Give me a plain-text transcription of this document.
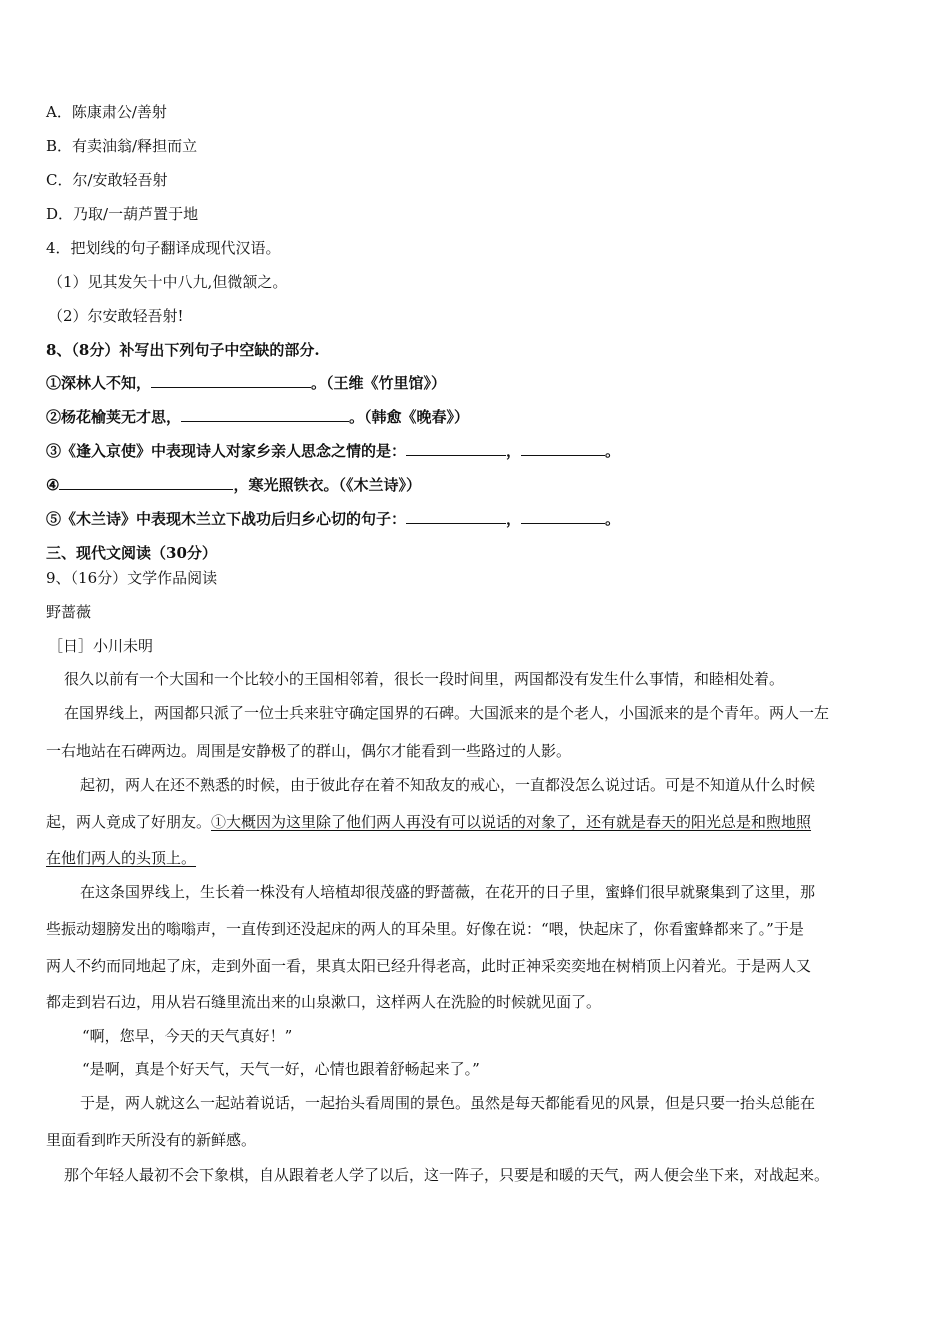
A．陈康肃公/善射
B．有卖油翁/释担而立
C．尔/安敢轻吾射
D．乃取/一葫芦置于地
4．把划线的句子翻译成现代汉语。
（1）见其发矢十中八九,但微颔之。
（2）尔安敢轻吾射!
8、（8分）补写出下列句子中空缺的部分.
①深林人不知，	。（王维《竹里馆》）
②杨花榆荚无才思，	。（韩愈《晚春》）
③《逢入京使》中表现诗人对家乡亲人思念之情的是：	，	。
④	，寒光照铁衣。（《木兰诗》）
⑤《木兰诗》中表现木兰立下战功后归乡心切的句子：	，	。
三、现代文阅读（30分）
9、（16分）文学作品阅读
野蔷薇
［日］小川未明
很久以前有一个大国和一个比较小的王国相邻着，很长一段时间里，两国都没有发生什么事情，和睦相处着。
在国界线上，两国都只派了一位士兵来驻守确定国界的石碑。大国派来的是个老人，小国派来的是个青年。两人一左
一右地站在石碑两边。周围是安静极了的群山，偶尔才能看到一些路过的人影。
起初，两人在还不熟悉的时候，由于彼此存在着不知敌友的戒心，一直都没怎么说过话。可是不知道从什么时候
起，两人竟成了好朋友。①大概因为这里除了他们两人再没有可以说话的对象了，还有就是春天的阳光总是和煦地照
在他们两人的头顶上。
在这条国界线上，生长着一株没有人培植却很茂盛的野蔷薇，在花开的日子里，蜜蜂们很早就聚集到了这里，那
些振动翅膀发出的嗡嗡声，一直传到还没起床的两人的耳朵里。好像在说：“喂，快起床了，你看蜜蜂都来了。”于是
两人不约而同地起了床，走到外面一看，果真太阳已经升得老高，此时正神采奕奕地在树梢顶上闪着光。于是两人又
都走到岩石边，用从岩石缝里流出来的山泉漱口，这样两人在洗脸的时候就见面了。
“啊，您早，今天的天气真好！”
“是啊，真是个好天气，天气一好，心情也跟着舒畅起来了。”
于是，两人就这么一起站着说话，一起抬头看周围的景色。虽然是每天都能看见的风景，但是只要一抬头总能在
里面看到昨天所没有的新鲜感。
那个年轻人最初不会下象棋，自从跟着老人学了以后，这一阵子，只要是和暖的天气，两人便会坐下来，对战起来。
